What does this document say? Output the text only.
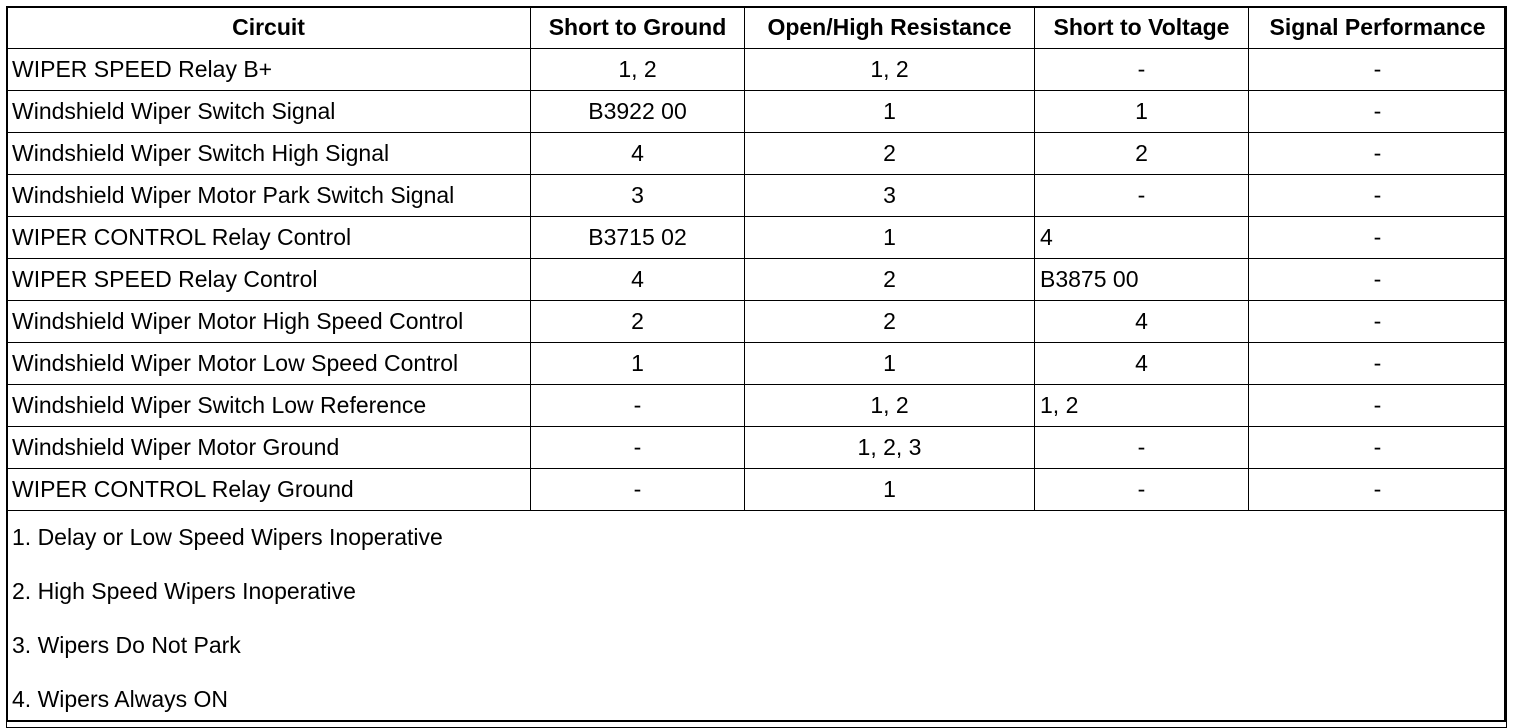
Circuit	Short to Ground	Open/High Resistance	Short to Voltage	Signal Performance
WIPER SPEED Relay B+	1, 2	1, 2	-	-
Windshield Wiper Switch Signal	B3922 00	1	1	-
Windshield Wiper Switch High Signal	4	2	2	-
Windshield Wiper Motor Park Switch Signal	3	3	-	-
WIPER CONTROL Relay Control	B3715 02	1	4	-
WIPER SPEED Relay Control	4	2	B3875 00	-
Windshield Wiper Motor High Speed Control	2	2	4	-
Windshield Wiper Motor Low Speed Control	1	1	4	-
Windshield Wiper Switch Low Reference	-	1, 2	1, 2	-
Windshield Wiper Motor Ground	-	1, 2, 3	-	-
WIPER CONTROL Relay Ground	-	1	-	-
1. Delay or Low Speed Wipers Inoperative				
2. High Speed Wipers Inoperative				
3. Wipers Do Not Park				
4. Wipers Always ON				
